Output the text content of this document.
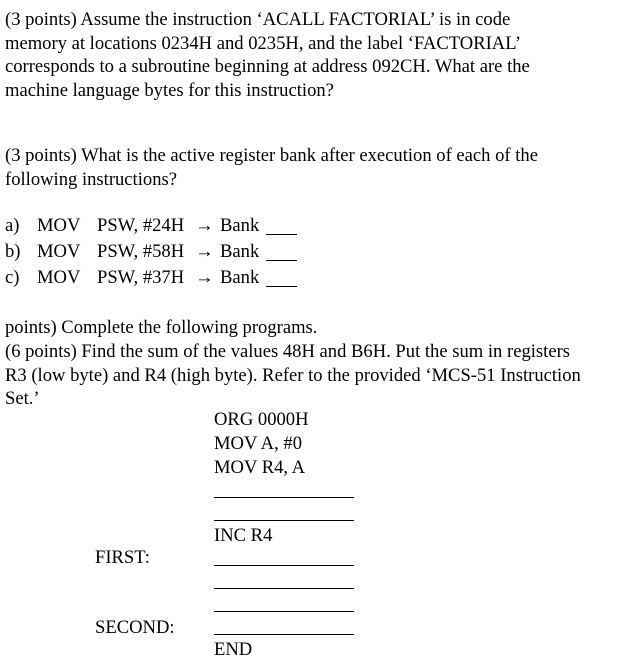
(3 points) Assume the instruction ‘ACALL FACTORIAL’ is in code
memory at locations 0234H and 0235H, and the label ‘FACTORIAL’
corresponds to a subroutine beginning at address 092CH. What are the
machine language bytes for this instruction?
(3 points) What is the active register bank after execution of each of the
following instructions?
a) MOV PSW, #24H → Bank
b) MOV PSW, #58H → Bank
c) MOV PSW, #37H → Bank
points) Complete the following programs.
(6 points) Find the sum of the values 48H and B6H. Put the sum in registers
R3 (low byte) and R4 (high byte). Refer to the provided ‘MCS-51 Instruction
Set.’
ORG 0000H
MOV A, #0
MOV R4, A
INC R4
FIRST:
SECOND:
END
